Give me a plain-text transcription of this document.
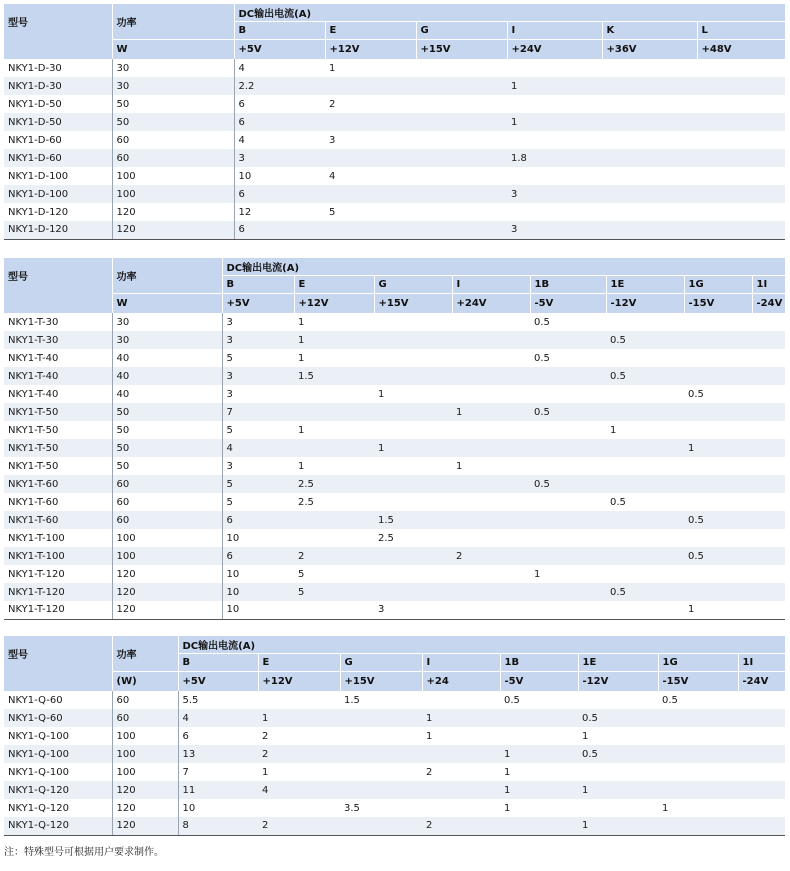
型号	功率	DC输出电流(A)					
		B	E	G	I	K	L
	W	+5V	+12V	+15V	+24V	+36V	+48V
NKY1-D-30	30	4	1				
NKY1-D-30	30	2.2			1		
NKY1-D-50	50	6	2				
NKY1-D-50	50	6			1		
NKY1-D-60	60	4	3				
NKY1-D-60	60	3			1.8		
NKY1-D-100	100	10	4				
NKY1-D-100	100	6			3		
NKY1-D-120	120	12	5				
NKY1-D-120	120	6			3		
型号	功率	DC输出电流(A)							
		B	E	G	I	1B	1E	1G	1I
	W	+5V	+12V	+15V	+24V	-5V	-12V	-15V	-24V
NKY1-T-30	30	3	1			0.5			
NKY1-T-30	30	3	1				0.5		
NKY1-T-40	40	5	1			0.5			
NKY1-T-40	40	3	1.5				0.5		
NKY1-T-40	40	3		1				0.5	
NKY1-T-50	50	7			1	0.5			
NKY1-T-50	50	5	1				1		
NKY1-T-50	50	4		1				1	
NKY1-T-50	50	3	1		1				
NKY1-T-60	60	5	2.5			0.5			
NKY1-T-60	60	5	2.5				0.5		
NKY1-T-60	60	6		1.5				0.5	
NKY1-T-100	100	10		2.5					
NKY1-T-100	100	6	2		2			0.5	
NKY1-T-120	120	10	5			1			
NKY1-T-120	120	10	5				0.5		
NKY1-T-120	120	10		3				1	
型号	功率	DC输出电流(A)							
		B	E	G	I	1B	1E	1G	1I
	(W)	+5V	+12V	+15V	+24	-5V	-12V	-15V	-24V
NKY1-Q-60	60	5.5		1.5		0.5		0.5	
NKY1-Q-60	60	4	1		1		0.5		
NKY1-Q-100	100	6	2		1		1		
NKY1-Q-100	100	13	2			1	0.5		
NKY1-Q-100	100	7	1		2	1			
NKY1-Q-120	120	11	4			1	1		
NKY1-Q-120	120	10		3.5		1		1	
NKY1-Q-120	120	8	2		2		1		
注：特殊型号可根据用户要求制作。
